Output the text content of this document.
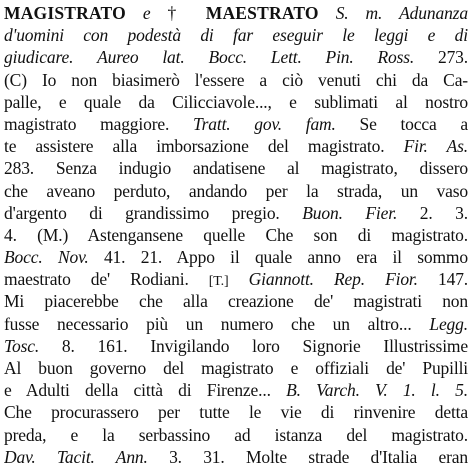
MAGISTRATO e † MAESTRATO S. m. Adunanza
d'uomini con podestà di far eseguir le leggi e di
giudicare. Aureo lat. Bocc. Lett. Pin. Ross. 273.
(C) Io non biasimerò l'essere a ciò venuti chi da Ca-
palle, e quale da Cilicciavole..., e sublimati al nostro
magistrato maggiore. Tratt. gov. fam. Se tocca a
te assistere alla imborsazione del magistrato. Fir. As.
283. Senza indugio andatisene al magistrato, dissero
che aveano perduto, andando per la strada, un vaso
d'argento di grandissimo pregio. Buon. Fier. 2. 3.
4. (M.) Astengansene quelle Che son di magistrato.
Bocc. Nov. 41. 21. Appo il quale anno era il sommo
maestrato de' Rodiani. [T.] Giannott. Rep. Fior. 147.
Mi piacerebbe che alla creazione de' magistrati non
fusse necessario più un numero che un altro... Legg.
Tosc. 8. 161. Invigilando loro Signorie Illustrissime
Al buon governo del magistrato e offiziali de' Pupilli
e Adulti della città di Firenze... B. Varch. V. 1. l. 5.
Che procurassero per tutte le vie di rinvenire detta
preda, e la serbassino ad istanza del magistrato.
Dav. Tacit. Ann. 3. 31. Molte strade d'Italia eran
